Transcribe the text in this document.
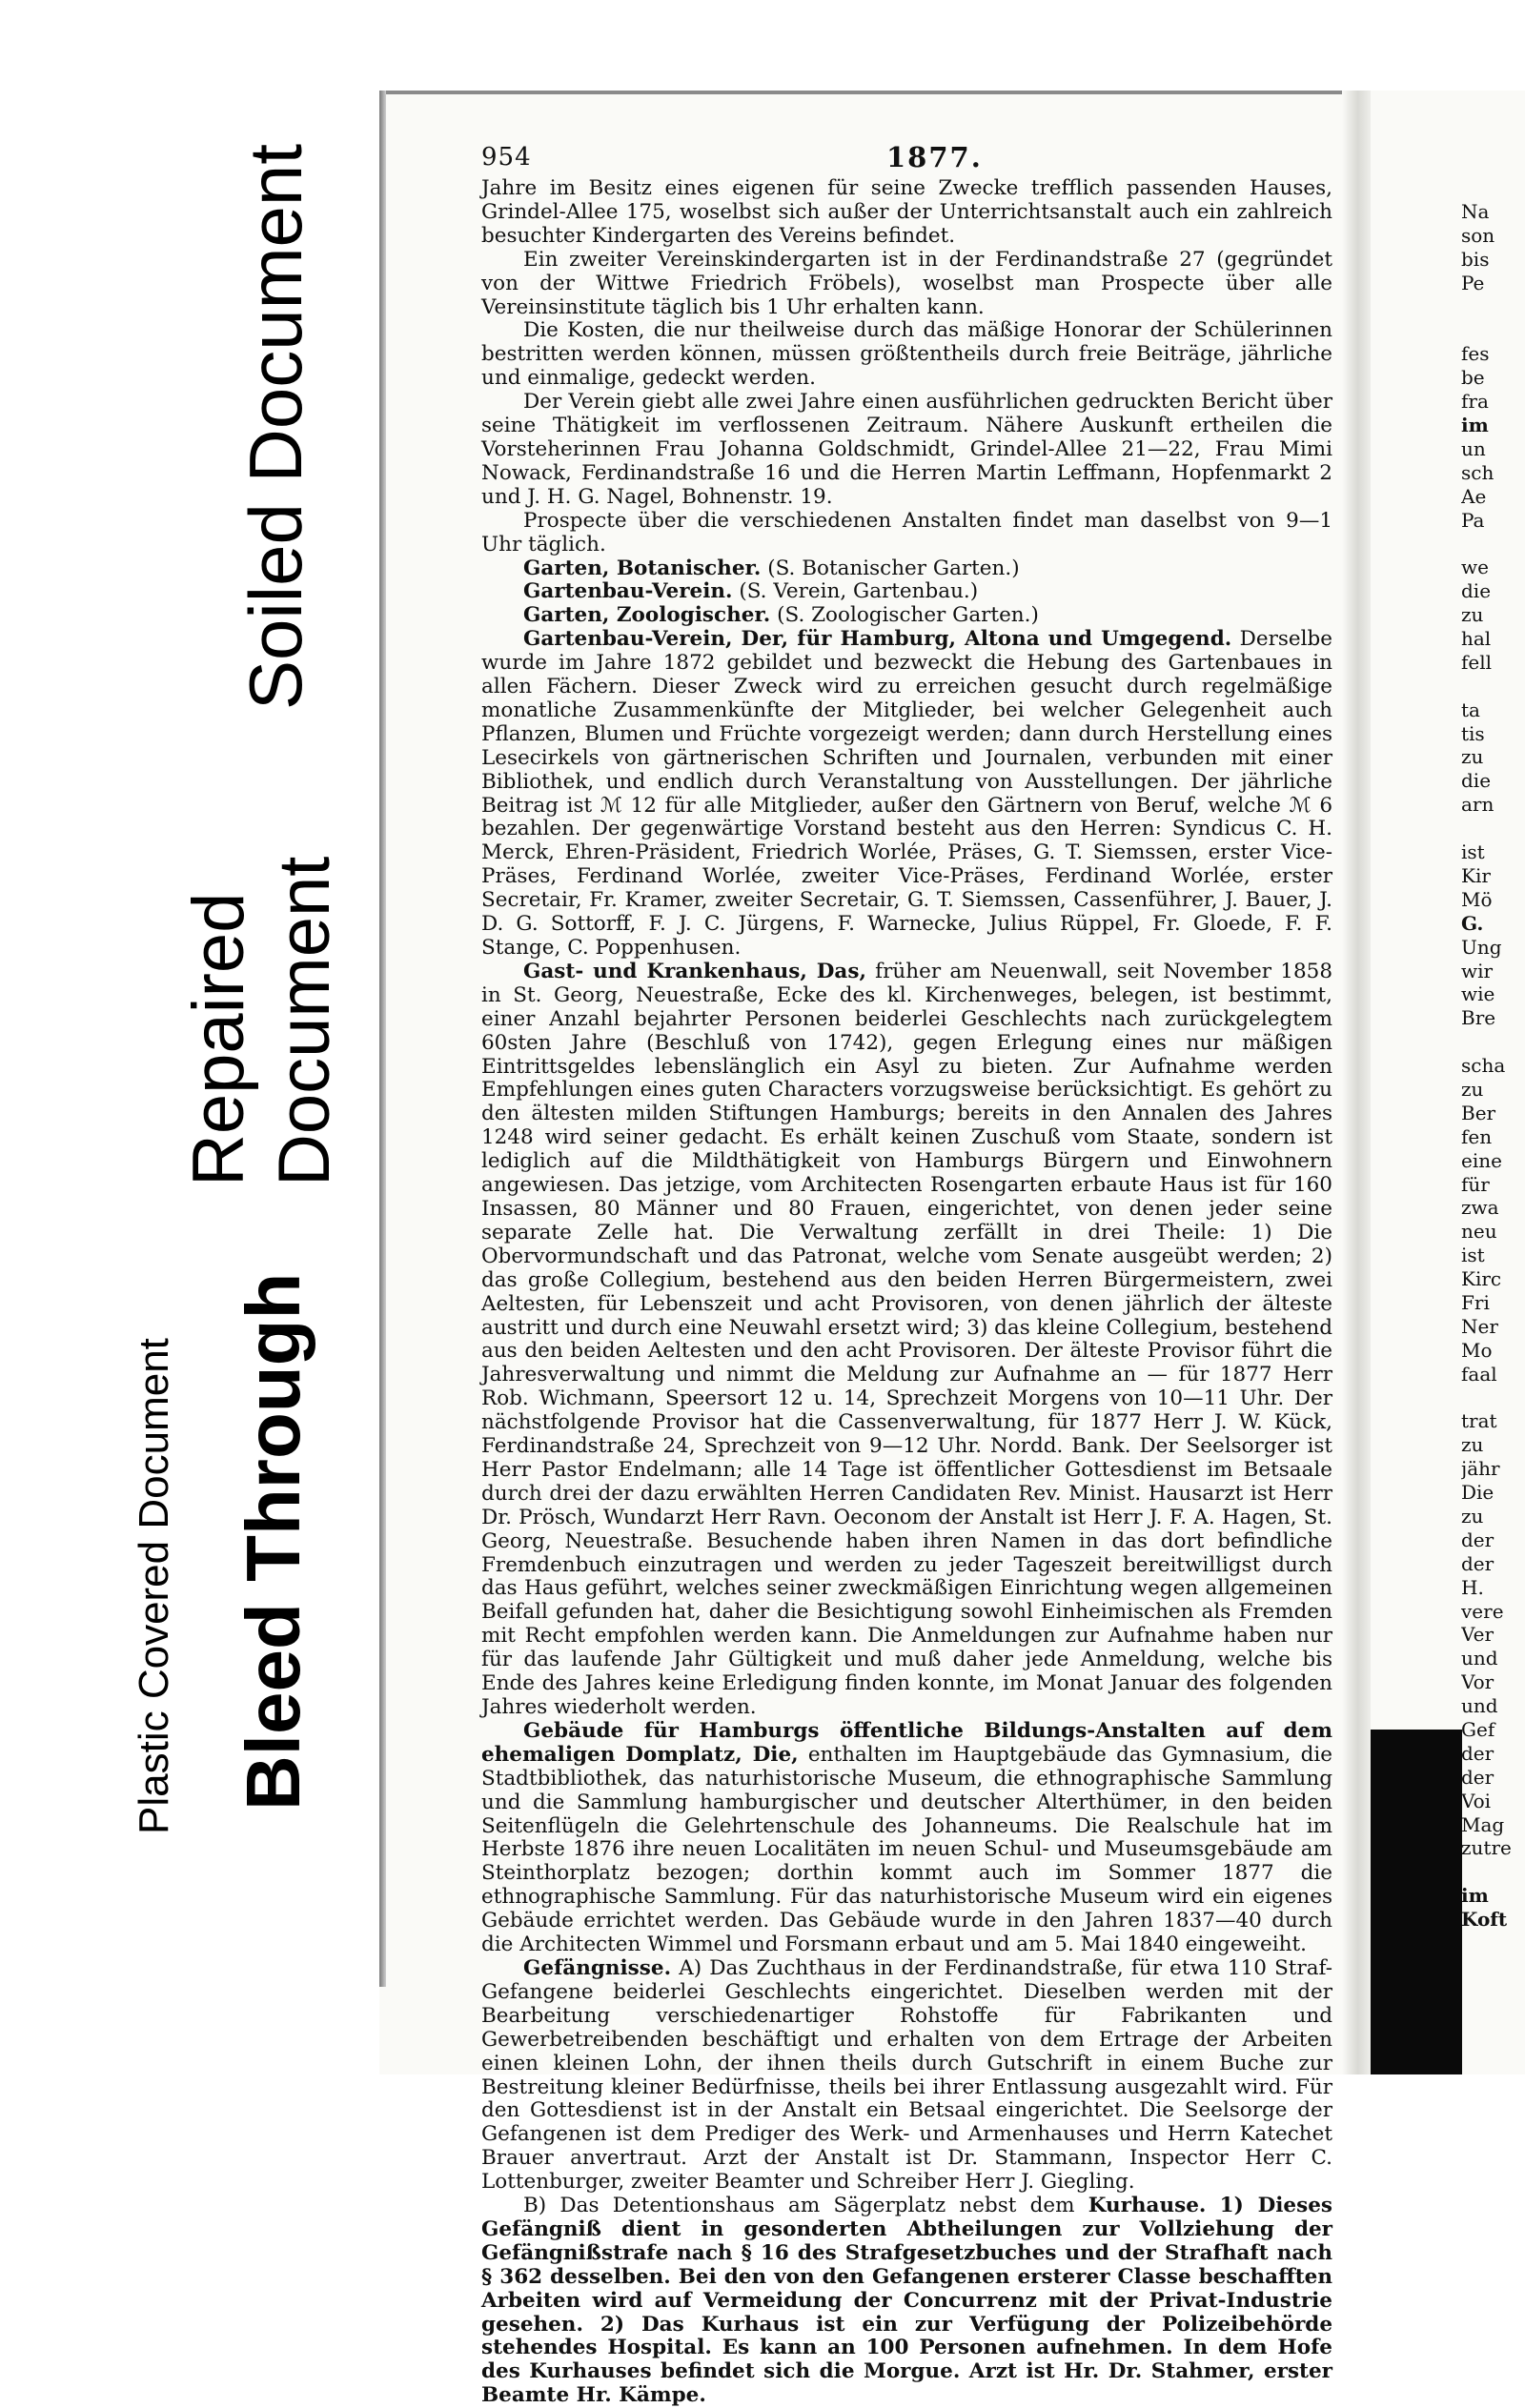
Soiled Document
Repaired Document
Bleed Through
Plastic Covered Document
954	1877.

Jahre im Besitz eines eigenen für seine Zwecke trefflich passenden Hauses, Grindel-Allee 175, woselbst sich außer der Unterrichtsanstalt auch ein zahlreich besuchter Kindergarten des Vereins befindet.

Ein zweiter Vereinskindergarten ist in der Ferdinandstraße 27 (gegründet von der Wittwe Friedrich Fröbels), woselbst man Prospecte über alle Vereinsinstitute täglich bis 1 Uhr erhalten kann.

Die Kosten, die nur theilweise durch das mäßige Honorar der Schülerinnen bestritten werden können, müssen größtentheils durch freie Beiträge, jährliche und einmalige, gedeckt werden.

Der Verein giebt alle zwei Jahre einen ausführlichen gedruckten Bericht über seine Thätigkeit im verflossenen Zeitraum. Nähere Auskunft ertheilen die Vorsteherinnen Frau Johanna Goldschmidt, Grindel-Allee 21—22, Frau Mimi Nowack, Ferdinandstraße 16 und die Herren Martin Leffmann, Hopfenmarkt 2 und J. H. G. Nagel, Bohnenstr. 19.

Prospecte über die verschiedenen Anstalten findet man daselbst von 9—1 Uhr täglich.

Garten, Botanischer. (S. Botanischer Garten.)

Gartenbau-Verein. (S. Verein, Gartenbau.)

Garten, Zoologischer. (S. Zoologischer Garten.)

Gartenbau-Verein, Der, für Hamburg, Altona und Umgegend. Derselbe wurde im Jahre 1872 gebildet und bezweckt die Hebung des Gartenbaues in allen Fächern. Dieser Zweck wird zu erreichen gesucht durch regelmäßige monatliche Zusammenkünfte der Mitglieder, bei welcher Gelegenheit auch Pflanzen, Blumen und Früchte vorgezeigt werden; dann durch Herstellung eines Lesecirkels von gärtnerischen Schriften und Journalen, verbunden mit einer Bibliothek, und endlich durch Veranstaltung von Ausstellungen. Der jährliche Beitrag ist ℳ 12 für alle Mitglieder, außer den Gärtnern von Beruf, welche ℳ 6 bezahlen. Der gegenwärtige Vorstand besteht aus den Herren: Syndicus C. H. Merck, Ehren-Präsident, Friedrich Worlée, Präses, G. T. Siemssen, erster Vice-Präses, Ferdinand Worlée, zweiter Vice-Präses, Ferdinand Worlée, erster Secretair, Fr. Kramer, zweiter Secretair, G. T. Siemssen, Cassenführer, J. Bauer, J. D. G. Sottorff, F. J. C. Jürgens, F. Warnecke, Julius Rüppel, Fr. Gloede, F. F. Stange, C. Poppenhusen.

Gast- und Krankenhaus, Das, früher am Neuenwall, seit November 1858 in St. Georg, Neuestraße, Ecke des kl. Kirchenweges, belegen, ist bestimmt, einer Anzahl bejahrter Personen beiderlei Geschlechts nach zurückgelegtem 60sten Jahre (Beschluß von 1742), gegen Erlegung eines nur mäßigen Eintrittsgeldes lebenslänglich ein Asyl zu bieten. Zur Aufnahme werden Empfehlungen eines guten Characters vorzugsweise berücksichtigt. Es gehört zu den ältesten milden Stiftungen Hamburgs; bereits in den Annalen des Jahres 1248 wird seiner gedacht. Es erhält keinen Zuschuß vom Staate, sondern ist lediglich auf die Mildthätigkeit von Hamburgs Bürgern und Einwohnern angewiesen. Das jetzige, vom Architecten Rosengarten erbaute Haus ist für 160 Insassen, 80 Männer und 80 Frauen, eingerichtet, von denen jeder seine separate Zelle hat. Die Verwaltung zerfällt in drei Theile: 1) Die Obervormundschaft und das Patronat, welche vom Senate ausgeübt werden; 2) das große Collegium, bestehend aus den beiden Herren Bürgermeistern, zwei Aeltesten, für Lebenszeit und acht Provisoren, von denen jährlich der älteste austritt und durch eine Neuwahl ersetzt wird; 3) das kleine Collegium, bestehend aus den beiden Aeltesten und den acht Provisoren. Der älteste Provisor führt die Jahresverwaltung und nimmt die Meldung zur Aufnahme an — für 1877 Herr Rob. Wichmann, Speersort 12 u. 14, Sprechzeit Morgens von 10—11 Uhr. Der nächstfolgende Provisor hat die Cassenverwaltung, für 1877 Herr J. W. Kück, Ferdinandstraße 24, Sprechzeit von 9—12 Uhr. Nordd. Bank. Der Seelsorger ist Herr Pastor Endelmann; alle 14 Tage ist öffentlicher Gottesdienst im Betsaale durch drei der dazu erwählten Herren Candidaten Rev. Minist. Hausarzt ist Herr Dr. Prösch, Wundarzt Herr Ravn. Oeconom der Anstalt ist Herr J. F. A. Hagen, St. Georg, Neuestraße. Besuchende haben ihren Namen in das dort befindliche Fremdenbuch einzutragen und werden zu jeder Tageszeit bereitwilligst durch das Haus geführt, welches seiner zweckmäßigen Einrichtung wegen allgemeinen Beifall gefunden hat, daher die Besichtigung sowohl Einheimischen als Fremden mit Recht empfohlen werden kann. Die Anmeldungen zur Aufnahme haben nur für das laufende Jahr Gültigkeit und muß daher jede Anmeldung, welche bis Ende des Jahres keine Erledigung finden konnte, im Monat Januar des folgenden Jahres wiederholt werden.

Gebäude für Hamburgs öffentliche Bildungs-Anstalten auf dem ehemaligen Domplatz, Die, enthalten im Hauptgebäude das Gymnasium, die Stadtbibliothek, das naturhistorische Museum, die ethnographische Sammlung und die Sammlung hamburgischer und deutscher Alterthümer, in den beiden Seitenflügeln die Gelehrtenschule des Johanneums. Die Realschule hat im Herbste 1876 ihre neuen Localitäten im neuen Schul- und Museumsgebäude am Steinthorplatz bezogen; dorthin kommt auch im Sommer 1877 die ethnographische Sammlung. Für das naturhistorische Museum wird ein eigenes Gebäude errichtet werden. Das Gebäude wurde in den Jahren 1837—40 durch die Architecten Wimmel und Forsmann erbaut und am 5. Mai 1840 eingeweiht.

Gefängnisse. A) Das Zuchthaus in der Ferdinandstraße, für etwa 110 Straf-Gefangene beiderlei Geschlechts eingerichtet. Dieselben werden mit der Bearbeitung verschiedenartiger Rohstoffe für Fabrikanten und Gewerbetreibenden beschäftigt und erhalten von dem Ertrage der Arbeiten einen kleinen Lohn, der ihnen theils durch Gutschrift in einem Buche zur Bestreitung kleiner Bedürfnisse, theils bei ihrer Entlassung ausgezahlt wird. Für den Gottesdienst ist in der Anstalt ein Betsaal eingerichtet. Die Seelsorge der Gefangenen ist dem Prediger des Werk- und Armenhauses und Herrn Katechet Brauer anvertraut. Arzt der Anstalt ist Dr. Stammann, Inspector Herr C. Lottenburger, zweiter Beamter und Schreiber Herr J. Giegling.

B) Das Detentionshaus am Sägerplatz nebst dem Kurhause. 1) Dieses Gefängniß dient in gesonderten Abtheilungen zur Vollziehung der Gefängnißstrafe nach § 16 des Strafgesetzbuches und der Strafhaft nach § 362 desselben. Bei den von den Gefangenen ersterer Classe beschafften Arbeiten wird auf Vermeidung der Concurrenz mit der Privat-Industrie gesehen. 2) Das Kurhaus ist ein zur Verfügung der Polizeibehörde stehendes Hospital. Es kann an 100 Personen aufnehmen. In dem Hofe des Kurhauses befindet sich die Morgue. Arzt ist Hr. Dr. Stahmer, erster Beamte Hr. Kämpe.

Na
son
bis
Pe
fes
be
fra
im
un
sch
Ae
Pa
we
die
zu
hal
fell
ta
tis
zu
die
arn
ist
Kir
Mö
G.
Ung
wir
wie
Bre
scha
zu
Ber
fen
eine
für
zwa
neu
ist
Kirc
Fri
Ner
Mo
faal
trat
zu
jähr
Die
zu
der
der
H.
vere
Ver
und
Vor
und
Gef
der
der
Voi
Mag
zutre
im
Koft
